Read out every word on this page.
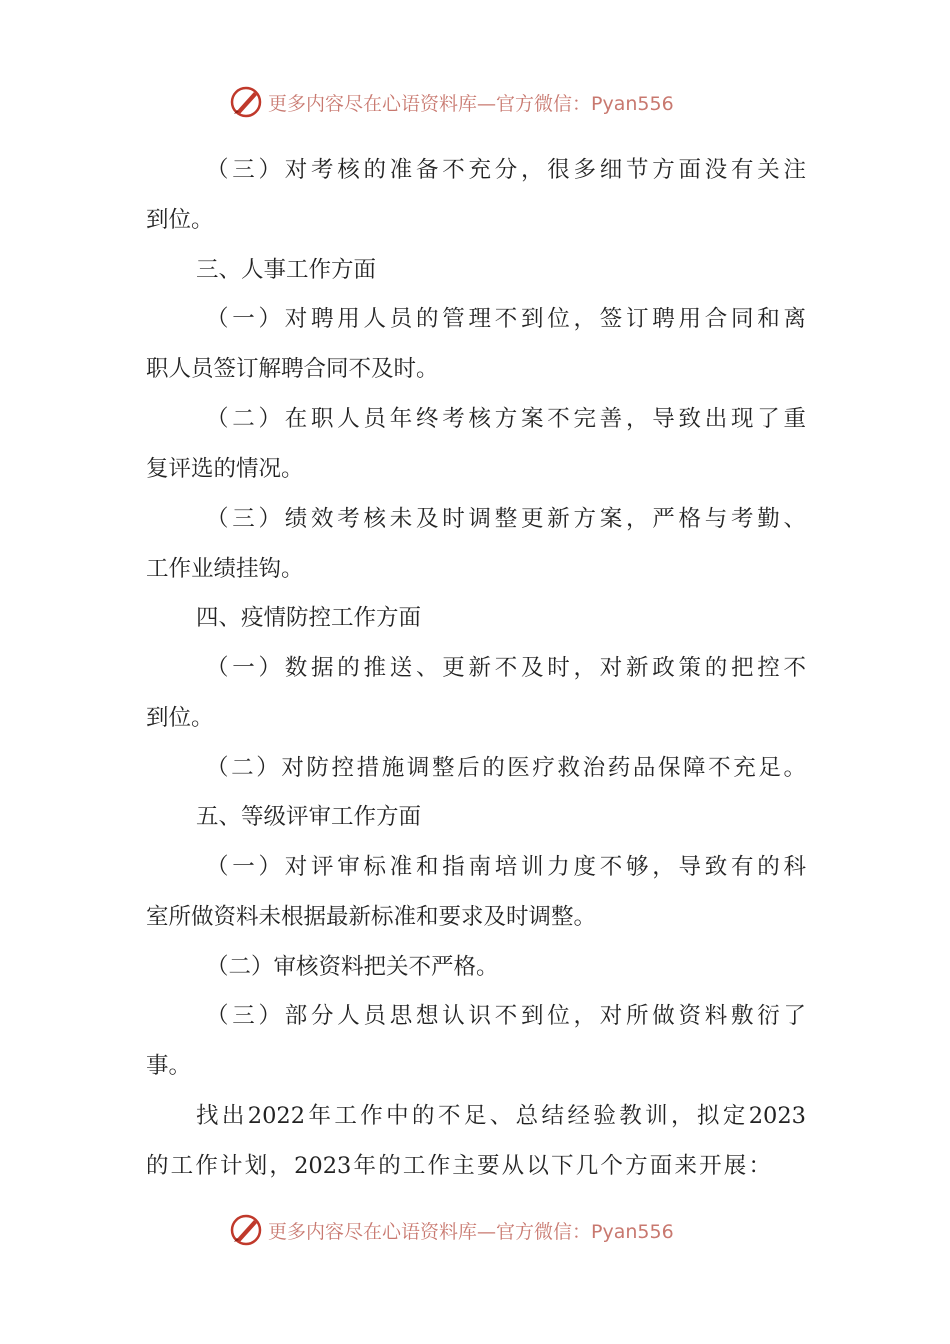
更多内容尽在心语资料库—官方微信：Pyan556
（三）对考核的准备不充分，很多细节方面没有关注
到位。
三、人事工作方面
（一）对聘用人员的管理不到位，签订聘用合同和离
职人员签订解聘合同不及时。
（二）在职人员年终考核方案不完善，导致出现了重
复评选的情况。
（三）绩效考核未及时调整更新方案，严格与考勤、
工作业绩挂钩。
四、疫情防控工作方面
（一）数据的推送、更新不及时，对新政策的把控不
到位。
（二）对防控措施调整后的医疗救治药品保障不充足。
五、等级评审工作方面
（一）对评审标准和指南培训力度不够，导致有的科
室所做资料未根据最新标准和要求及时调整。
（二）审核资料把关不严格。
（三）部分人员思想认识不到位，对所做资料敷衍了
事。
找出2022年工作中的不足、总结经验教训，拟定2023
的工作计划，2023年的工作主要从以下几个方面来开展：
更多内容尽在心语资料库—官方微信：Pyan556
